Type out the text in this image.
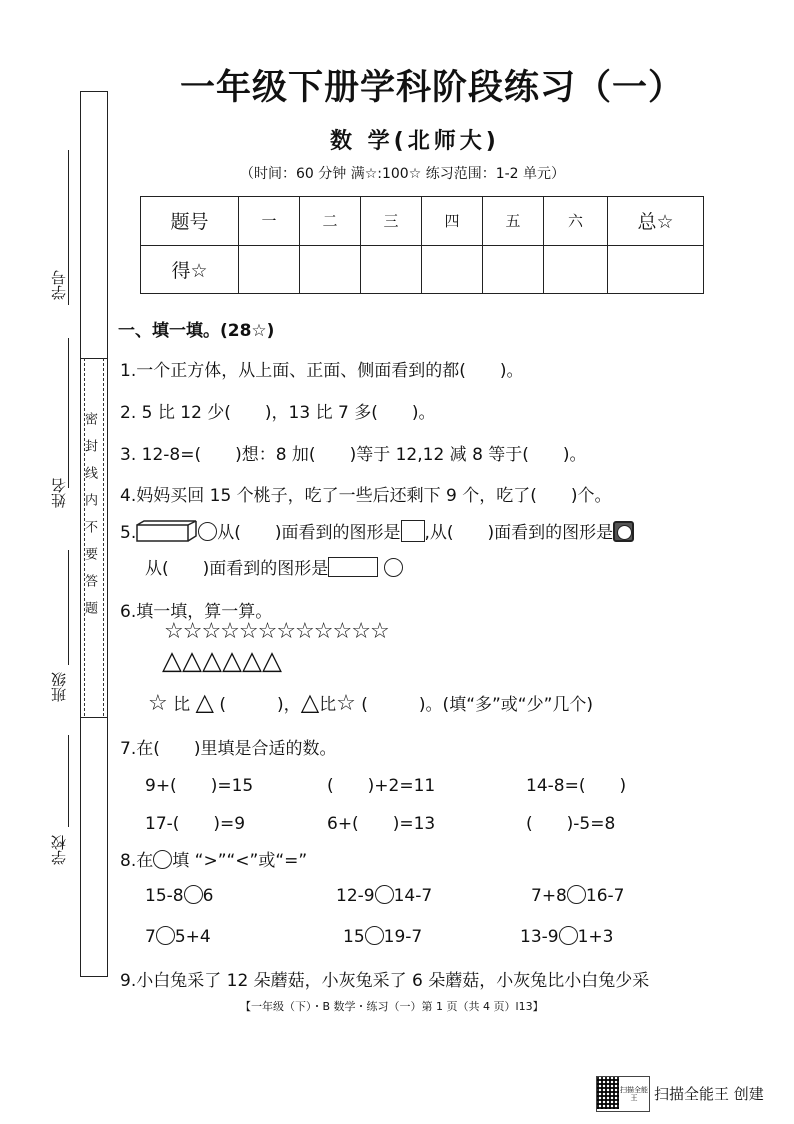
密封线内不要答题
学号
姓名
班级
学校
一年级下册学科阶段练习（一）
数 学(北师大)
（时间：60 分钟 满☆:100☆ 练习范围：1-2 单元）
题号	一	二	三	四	五	六	总☆
得☆							
一、填一填。(28☆)
1.一个正方体，从上面、正面、侧面看到的都(　　)。
2. 5 比 12 少(　　)，13 比 7 多(　　)。
3. 12-8=(　　)想：8 加(　　)等于 12,12 减 8 等于(　　)。
4.妈妈买回 15 个桃子，吃了一些后还剩下 9 个，吃了(　　)个。
5.	从(　　)面看到的图形是 ,从(　　)面看到的图形是
从(　　)面看到的图形是
6.填一填，算一算。
☆☆☆☆☆☆☆☆☆☆☆☆
△△△△△△
☆ 比 △ (　　　)，△比☆ (　　　)。(填“多”或“少”几个)
7.在(　　)里填是合适的数。
9+(　　)=15	(　　)+2=11	14-8=(　　)
17-(　　)=9	6+(　　)=13	(　　)-5=8
8.在 填 “>”“<”或“=”
15-8 6	12-9 14-7	7+8 16-7
7 5+4	15 19-7	13-9 1+3
9.小白兔采了 12 朵蘑菇，小灰兔采了 6 朵蘑菇，小灰兔比小白兔少采
【一年级（下）・B 数学・练习（一）第 1 页（共 4 页）l13】
扫描全能王	扫描全能王 创建
